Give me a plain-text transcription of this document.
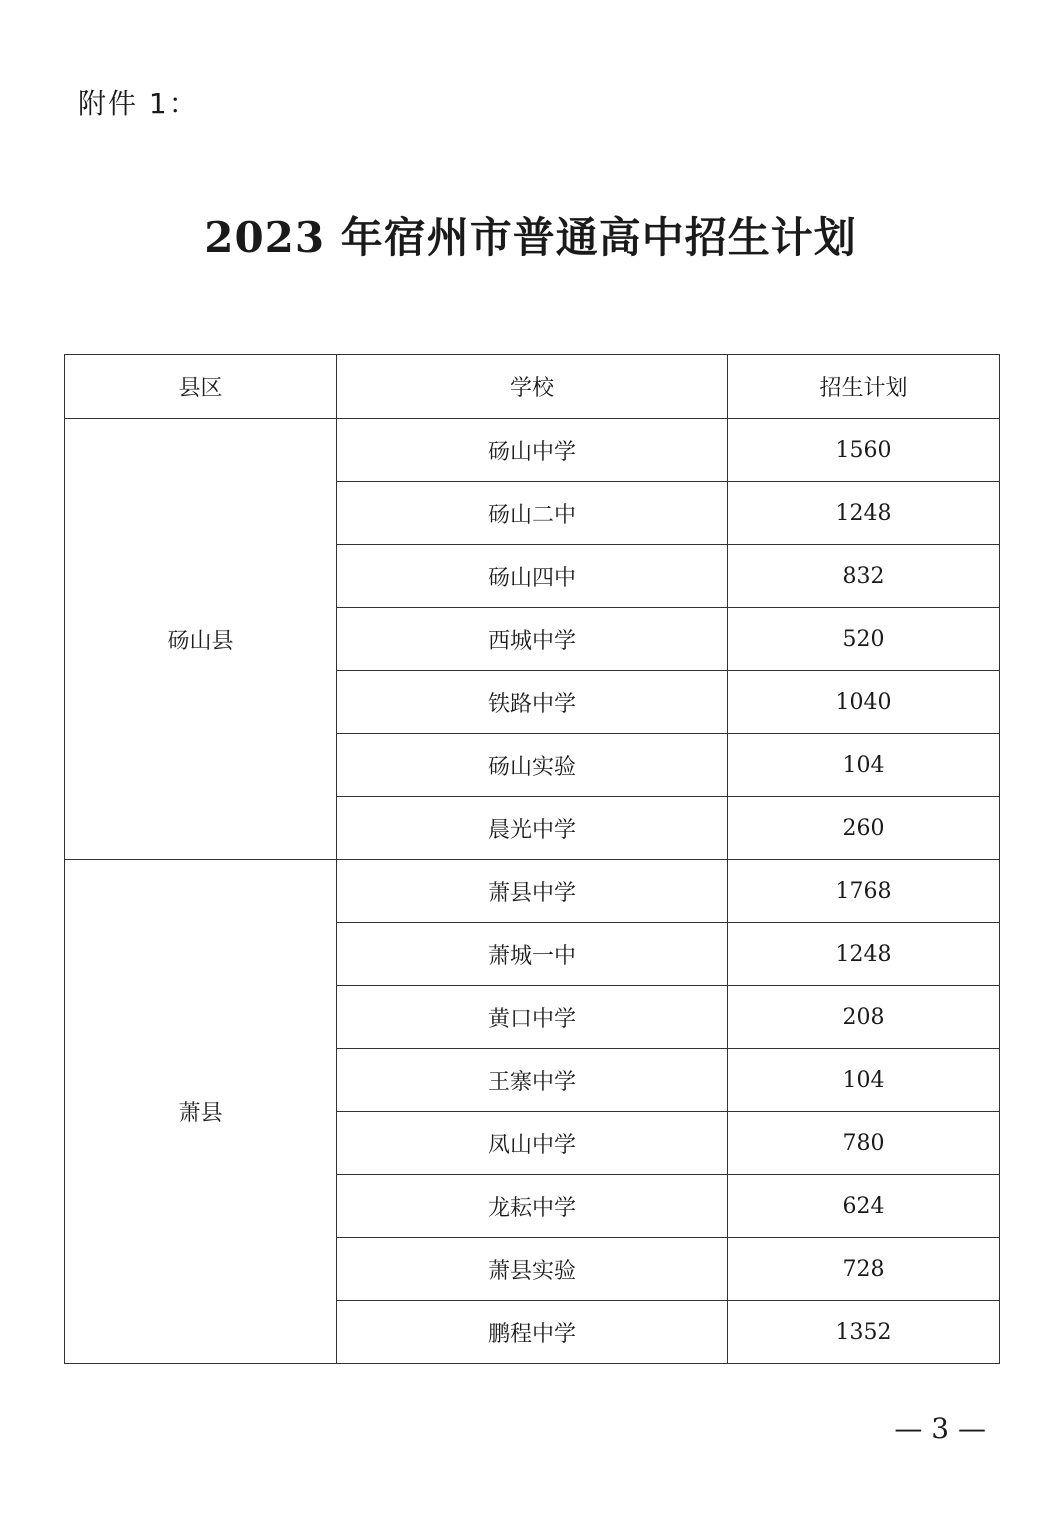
附件 1：
2023 年宿州市普通高中招生计划
县区	学校	招生计划
砀山县	砀山中学	1560
	砀山二中	1248
	砀山四中	832
	西城中学	520
	铁路中学	1040
	砀山实验	104
	晨光中学	260
萧县	萧县中学	1768
	萧城一中	1248
	黄口中学	208
	王寨中学	104
	凤山中学	780
	龙耘中学	624
	萧县实验	728
	鹏程中学	1352
— 3 —
